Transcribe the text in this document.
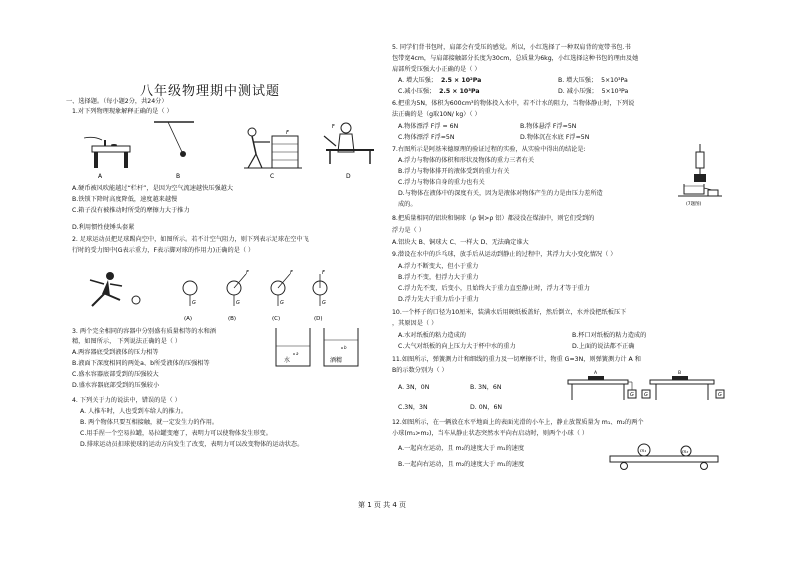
八年级物理期中测试题
一、选择题。（每小题2分，共24分）
1.对下列物理现象解释正确的是（ ）
A	B
F
C
F
D
A.硬币被风吹能越过“栏杆”，是因为空气流速越快压强越大
B.铁锁下降时高度降低，速度越来越慢
C.箱子没有被推动时所受的摩擦力大于推力
D.利用惯性使锤头套紧
2. 足球运动员把足球踢向空中，如图所示。若不计空气阻力，则下列表示足球在空中飞
行时的受力图中(G表示重力，F表示脚对球的作用力)正确的是（ ）
G
(A)
F
G
(B)
F
G
(C)
F
G
(D)
3. 两个完全相同的容器中分别盛有质量相等的水和酒
精，如图所示， 下列说法正确的是（ ）
A.两容器底受到液体的压力相等
B.液面下深度相同的两处a、b所受液体的压强相等
C.盛水容器底部受到的压强较大
D.盛水容器底部受到的压强较小
水
a
酒精
b
4. 下列关于力的说法中，错误的是（ ）
A. 人推车时，人也受到车给人的推力。
B. 两个物体只要互相接触，就一定发生力的作用。
C.用手捏一个空易拉罐，易拉罐变瘪了，表明力可以使物体发生形变。
D.排球运动员扣球使球的运动方向发生了改变，表明力可以改变物体的运动状态。
5. 同学们背书包时，肩部会有受压的感觉。所以，小红选择了一种双肩背的宽带书包.书
包带宽4cm，与肩部接触部分长度为30cm，总质量为6kg，小红选择这种书包的理由及她
肩部所受压强大小正确的是（ ）
A. 增大压强； 2.5 × 10²Pa	B. 增大压强； 5×10³Pa
C.减小压强； 2.5 × 10³Pa	D. 减小压强； 5×10³Pa
6.把重为5N，体积为600cm³的物体投入水中，若不计水的阻力，当物体静止时，下列说
法正确的是（g取10N/ kg）（ ）
A.物体漂浮 F浮 = 6N	B.物体悬浮 F浮=5N
C.物体漂浮 F浮=5N	D.物体沉在水底 F浮=5N
7.右图所示是阿基米德原理的验证过程的实验，从实验中得出的结论是:
A.浮力与物体的体积和形状及物体的重力三者有关
B.浮力与物体排开的液体受到的重力有关
C.浮力与物体自身的重力也有关
D.与物体在液体中的深度有关，因为是液体对物体产生的力是由压力差所造
成的。	(7题图)
8.把质量相同的铝块和铜球（ρ 铜>ρ 铝）都浸没在煤油中，则它们受到的
浮力是（ ）
A.铝块大 B、铜球大 C、一样大 D、无法确定谁大
9.潜设在水中的乒乓球，放手后从运动到静止的过程中，其浮力大小变化情况（ ）
A.浮力不断变大，但小于重力
B.浮力不变，但浮力大于重力
C.浮力先不变，后变小，且始终大于重力直至静止时，浮力才等于重力
D.浮力先大于重力后小于重力
10.一个杯子的口径为10厘米，装满水后用硬纸板盖好，然后倒立，水并没把纸板压下
，其原因是（ ）
A.水对纸板的粘力造成的	B.杯口对纸板的粘力造成的
C.大气对纸板的向上压力大于杯中水的重力	D.上面的说法都不正确
11.如图所示，弹簧测力计和细线的重力及一切摩擦不计，物重 G=3N，则弹簧测力计 A 和
B的示数分别为（ ）
A. 3N，0N	B. 3N，6N
C.3N，3N	D. 0N，6N
A
G
B
G	G
12.如图所示，在一辆放在水平地面上的表面光滑的小车上，静止放置质量为 m₁、m₂的两个
小球(m₁>m₂)，当车从静止状态突然水平向右启动时，则两个小球（ ）
A.一起向左运动，且 m₂的速度大于 m₁的速度
B.一起向右运动，且 m₂的速度大于 m₁的速度
m₁	m₂
第 1 页 共 4 页
